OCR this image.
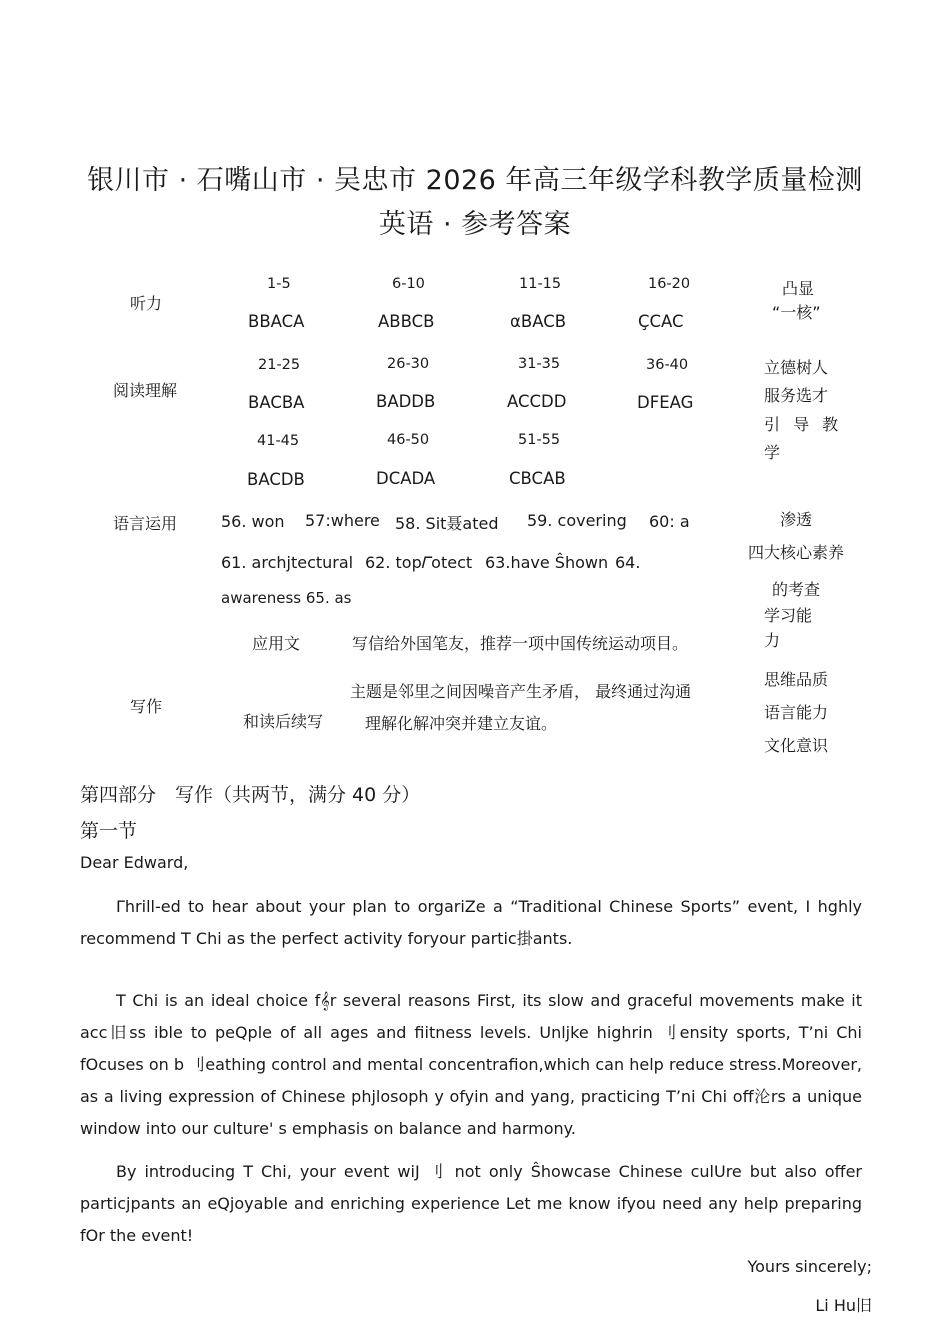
银川市 · 石嘴山市 · 吴忠市 2026 年高三年级学科教学质量检测
英语 · 参考答案
听力
1-5	6-10	11-15	16-20
BBACA	ABBCB	αBACB	ÇCAC
凸显
“一核”
阅读理解
21-25	26-30	31-35	36-40
BACBA	BADDB	ACCDD	DFEAG
41-45	46-50	51-55
BACDB	DCADA	CBCAB
立德树人
服务选才
引 导 教
学
语言运用	56. won 57:where 58. Sit聂ated 59. covering 60: a
61. archjtectural 62. top𝛤otect 63.have Ŝhown 64.
awareness 65. as
渗透
四大核心素养
的考查
学习能
力
写作
应用文	写信给外国笔友，推荐一项中国传统运动项目。
和读后续写
主题是邻里之间因噪音产生矛盾， 最终通过沟通
理解化解冲突并建立友谊。
思维品质
语言能力
文化意识
第四部分　写作（共两节，满分 40 分）
第一节
Dear Edward,
Γhrill-ed to hear about your plan to orgariZe a “Traditional Chinese Sports” event, I hghly recommend T Chi as the perfect activity foryour partic掛ants.
T Chi is an ideal choice f𝄞r several reasons First, its slow and graceful movements make it acc旧ss ible to peQple of all ages and fiitness levels. Unljke highrin 刂ensity sports, T’ni Chi fOcuses on b 刂eathing control and mental concentrafion,which can help reduce stress.Moreover, as a living expression of Chinese phjlosoph y ofyin and yang, practicing T’ni Chi off沦rs a unique window into our culture' s emphasis on balance and harmony.
By introducing T Chi, your event wiJ 刂 not only Ŝhowcase Chinese culUre but also offer particjpants an eQjoyable and enriching experience Let me know ifyou need any help preparing fOr the event!
Yours sincerely;
Li Hu旧
